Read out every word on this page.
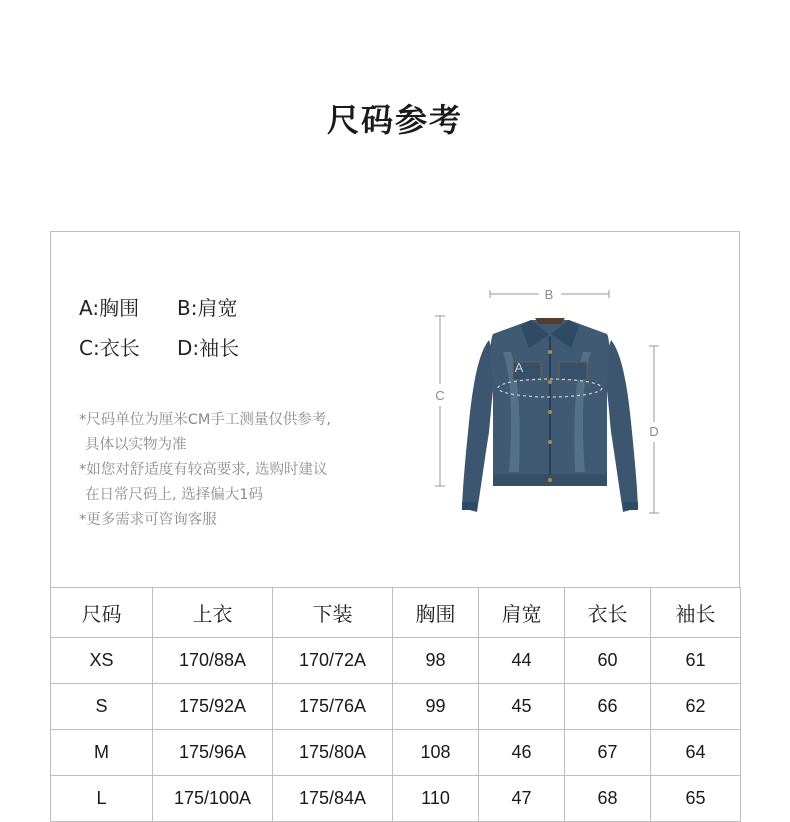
尺码参考
A:胸围	B:肩宽
C:衣长	D:袖长
*尺码单位为厘米CM手工测量仅供参考,
具体以实物为准
*如您对舒适度有较高要求, 选购时建议
在日常尺码上, 选择偏大1码
*更多需求可咨询客服
B
C
D
A
尺码	上衣	下装	胸围	肩宽	衣长	袖长
XS	170/88A	170/72A	98	44	60	61
S	175/92A	175/76A	99	45	66	62
M	175/96A	175/80A	108	46	67	64
L	175/100A	175/84A	110	47	68	65
